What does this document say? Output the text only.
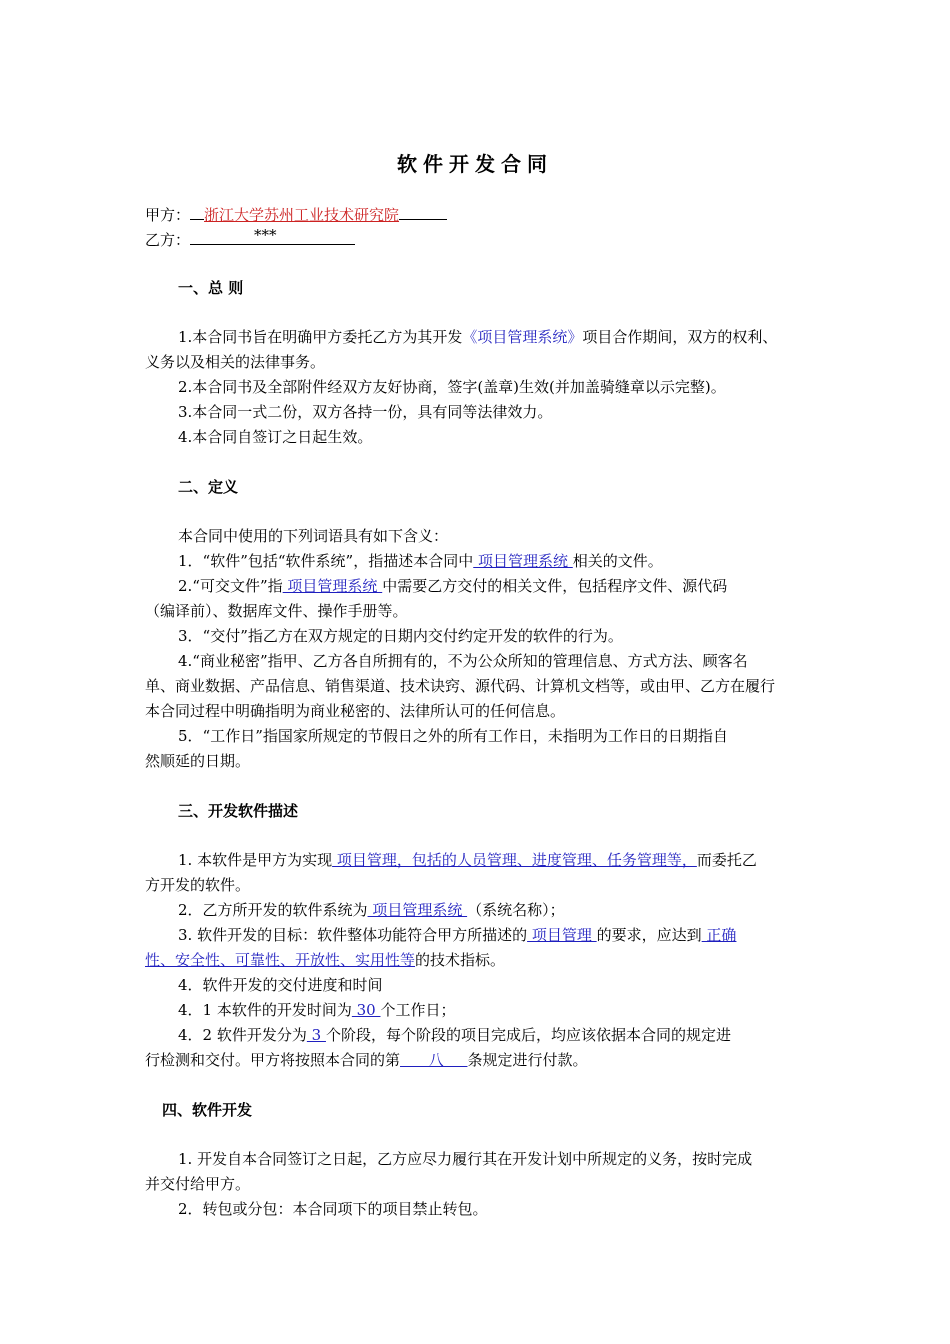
软件开发合同
甲方： 浙江大学苏州工业技术研究院
乙方：	***
一、总 则
1.本合同书旨在明确甲方委托乙方为其开发《项目管理系统》项目合作期间，双方的权利、
义务以及相关的法律事务。
2.本合同书及全部附件经双方友好协商，签字(盖章)生效(并加盖骑缝章以示完整)。
3.本合同一式二份，双方各持一份，具有同等法律效力。
4.本合同自签订之日起生效。
二、定义
本合同中使用的下列词语具有如下含义：
1．“软件”包括“软件系统”，指描述本合同中 项目管理系统 相关的文件。
2.“可交文件”指 项目管理系统 中需要乙方交付的相关文件，包括程序文件、源代码
（编译前）、数据库文件、操作手册等。
3．“交付”指乙方在双方规定的日期内交付约定开发的软件的行为。
4.“商业秘密”指甲、乙方各自所拥有的，不为公众所知的管理信息、方式方法、顾客名
单、商业数据、产品信息、销售渠道、技术诀窍、源代码、计算机文档等，或由甲、乙方在履行
本合同过程中明确指明为商业秘密的、法律所认可的任何信息。
5．“工作日”指国家所规定的节假日之外的所有工作日，未指明为工作日的日期指自
然顺延的日期。
三、开发软件描述
1. 本软件是甲方为实现 项目管理，包括的人员管理、进度管理、任务管理等，而委托乙
方开发的软件。
2．乙方所开发的软件系统为 项目管理系统 （系统名称）；
3. 软件开发的目标：软件整体功能符合甲方所描述的 项目管理 的要求，应达到 正确
性、安全性、可靠性、开放性、实用性等的技术指标。
4．软件开发的交付进度和时间
4．1 本软件的开发时间为 30 个工作日；
4．2 软件开发分为 3 个阶段，每个阶段的项目完成后，均应该依据本合同的规定进
行检测和交付。甲方将按照本合同的第      八     条规定进行付款。
四、软件开发
1. 开发自本合同签订之日起，乙方应尽力履行其在开发计划中所规定的义务，按时完成
并交付给甲方。
2．转包或分包：本合同项下的项目禁止转包。
